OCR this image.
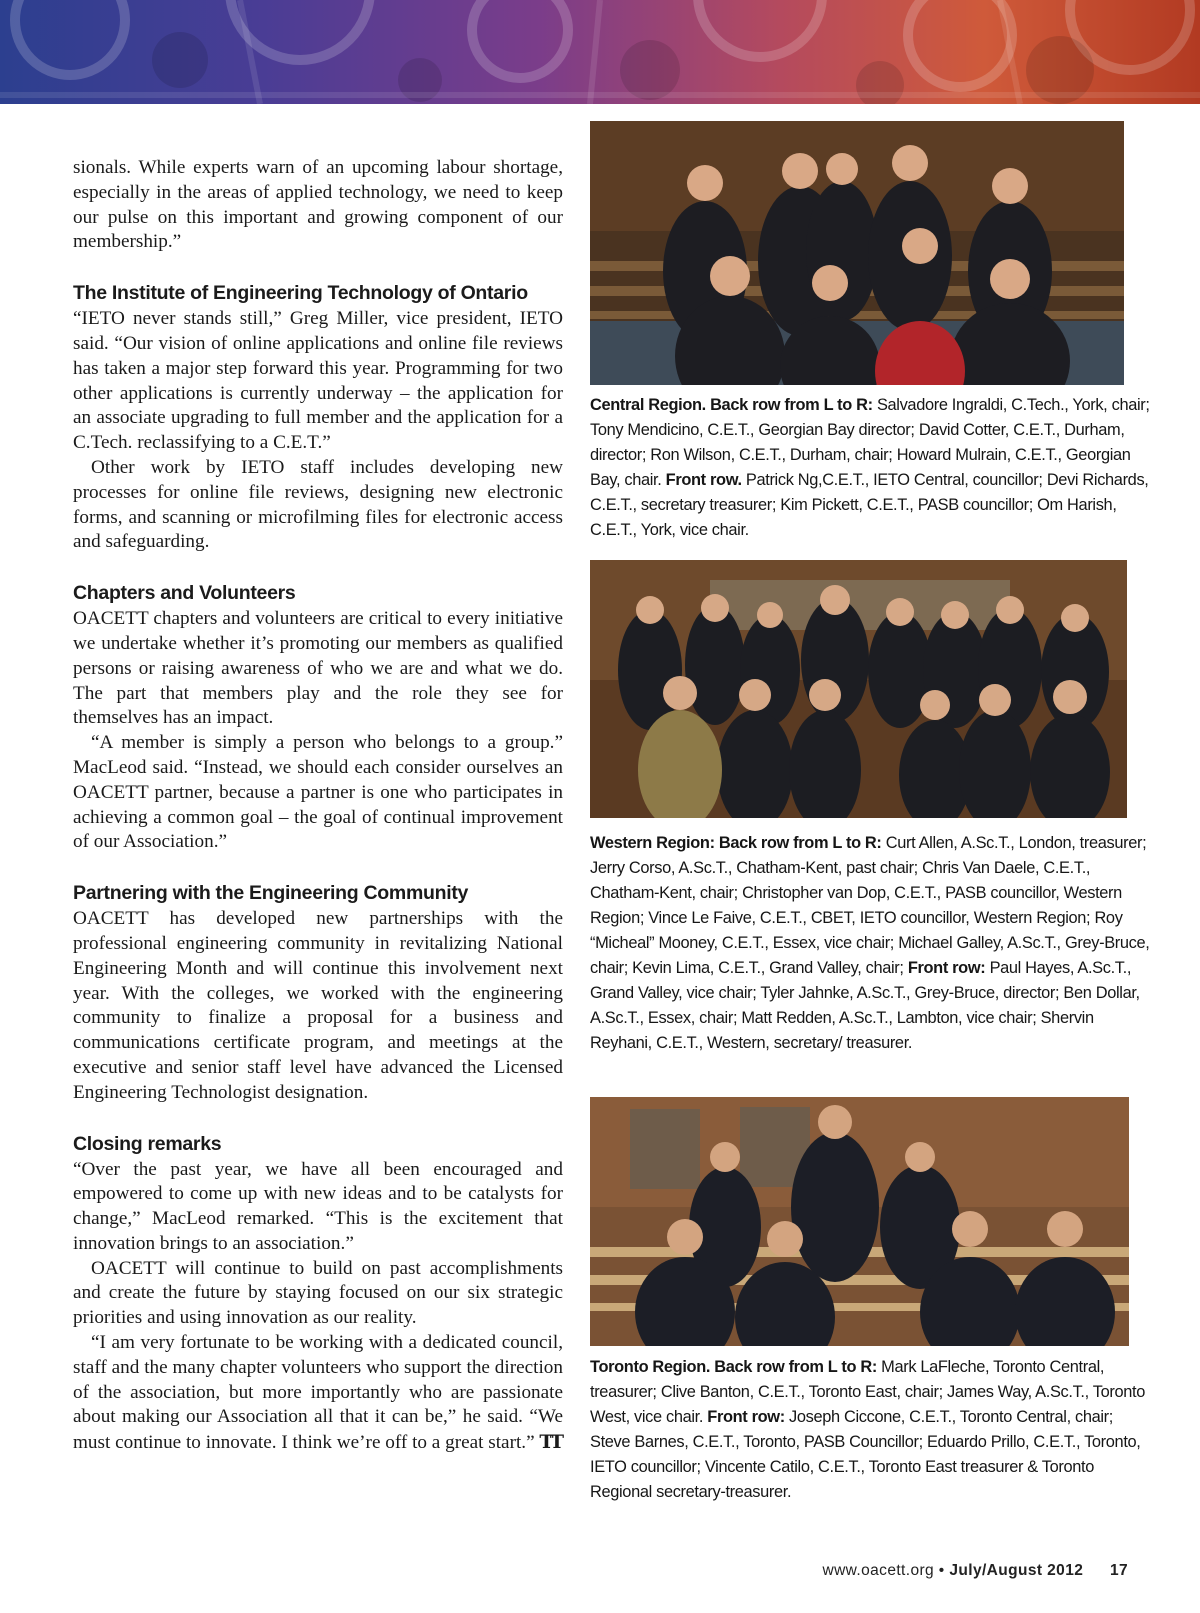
sionals. While experts warn of an upcoming labour shortage, especially in the areas of applied technology, we need to keep our pulse on this important and growing component of our membership.”

The Institute of Engineering Technology of Ontario

“IETO never stands still,” Greg Miller, vice president, IETO said. “Our vision of online applications and online file reviews has taken a major step forward this year. Programming for two other applications is currently underway – the application for an associate upgrading to full member and the application for a C.Tech. reclassifying to a C.E.T.”

Other work by IETO staff includes developing new processes for online file reviews, designing new electronic forms, and scanning or microfilming files for electronic access and safeguarding.

Chapters and Volunteers

OACETT chapters and volunteers are critical to every initiative we undertake whether it’s promoting our members as qualified persons or raising awareness of who we are and what we do. The part that members play and the role they see for themselves has an impact.

“A member is simply a person who belongs to a group.” MacLeod said. “Instead, we should each consider ourselves an OACETT partner, because a partner is one who participates in achieving a common goal – the goal of continual improvement of our Association.”

Partnering with the Engineering Community

OACETT has developed new partnerships with the professional engineering community in revitalizing National Engineering Month and will continue this involvement next year. With the colleges, we worked with the engineering community to finalize a proposal for a business and communications certificate program, and meetings at the executive and senior staff level have advanced the Licensed Engineering Technologist designation.

Closing remarks

“Over the past year, we have all been encouraged and empowered to come up with new ideas and to be catalysts for change,” MacLeod remarked. “This is the excitement that innovation brings to an association.”

OACETT will continue to build on past accomplishments and create the future by staying focused on our six strategic priorities and using innovation as our reality.

“I am very fortunate to be working with a dedicated council, staff and the many chapter volunteers who support the direction of the association, but more importantly who are passionate about making our Association all that it can be,” he said. “We must continue to innovate. I think we’re off to a great start.” TT

Central Region. Back row from L to R: Salvadore Ingraldi, C.Tech., York, chair; Tony Mendicino, C.E.T., Georgian Bay director; David Cotter, C.E.T., Durham, director; Ron Wilson, C.E.T., Durham, chair; Howard Mulrain, C.E.T., Georgian Bay, chair. Front row. Patrick Ng,C.E.T., IETO Central, councillor; Devi Richards, C.E.T., secretary treasurer; Kim Pickett, C.E.T., PASB councillor; Om Harish, C.E.T., York, vice chair.
Western Region: Back row from L to R: Curt Allen, A.Sc.T., London, treasurer; Jerry Corso, A.Sc.T., Chatham-Kent, past chair; Chris Van Daele, C.E.T., Chatham-Kent, chair; Christopher van Dop, C.E.T., PASB councillor, Western Region; Vince Le Faive, C.E.T., CBET, IETO councillor, Western Region; Roy “Micheal” Mooney, C.E.T., Essex, vice chair; Michael Galley, A.Sc.T., Grey-Bruce, chair; Kevin Lima, C.E.T., Grand Valley, chair; Front row: Paul Hayes, A.Sc.T., Grand Valley, vice chair; Tyler Jahnke, A.Sc.T., Grey-Bruce, director; Ben Dollar, A.Sc.T., Essex, chair; Matt Redden, A.Sc.T., Lambton, vice chair; Shervin Reyhani, C.E.T., Western, secretary/ treasurer.
Toronto Region. Back row from L to R: Mark LaFleche, Toronto Central, treasurer; Clive Banton, C.E.T., Toronto East, chair; James Way, A.Sc.T., Toronto West, vice chair. Front row: Joseph Ciccone, C.E.T., Toronto Central, chair; Steve Barnes, C.E.T., Toronto, PASB Councillor; Eduardo Prillo, C.E.T., Toronto, IETO councillor; Vincente Catilo, C.E.T., Toronto East treasurer & Toronto Regional secretary-treasurer.
www.oacett.org • July/August 2012 17
